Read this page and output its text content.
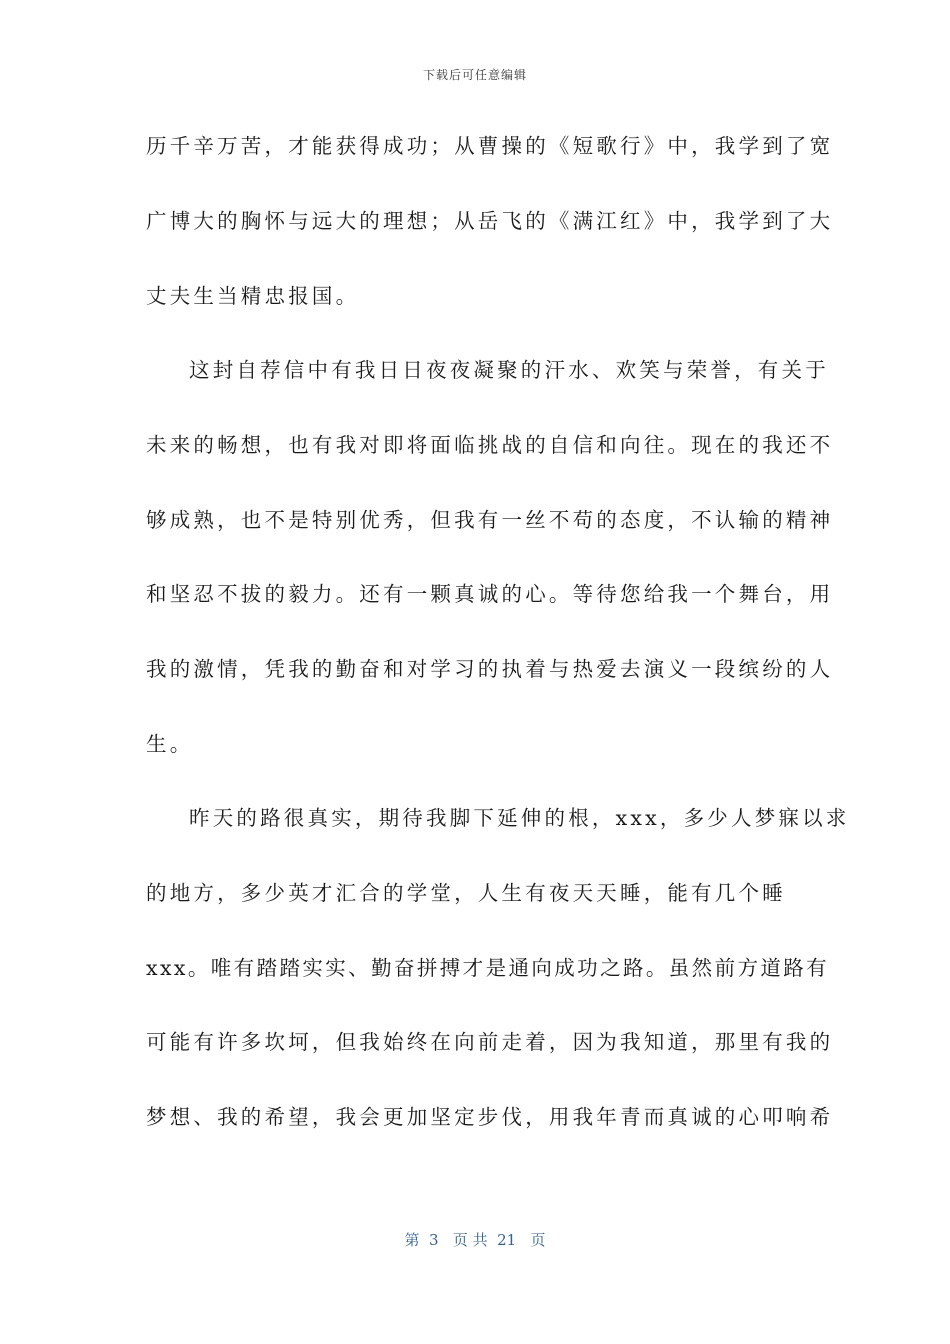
下载后可任意编辑
历千辛万苦，才能获得成功；从曹操的《短歌行》中，我学到了宽
广博大的胸怀与远大的理想；从岳飞的《满江红》中，我学到了大
丈夫生当精忠报国。
这封自荐信中有我日日夜夜凝聚的汗水、欢笑与荣誉，有关于
未来的畅想，也有我对即将面临挑战的自信和向往。现在的我还不
够成熟，也不是特别优秀，但我有一丝不苟的态度，不认输的精神
和坚忍不拔的毅力。还有一颗真诚的心。等待您给我一个舞台，用
我的激情，凭我的勤奋和对学习的执着与热爱去演义一段缤纷的人
生。
昨天的路很真实，期待我脚下延伸的根，xxx，多少人梦寐以求
的地方，多少英才汇合的学堂，人生有夜天天睡，能有几个睡
xxx。唯有踏踏实实、勤奋拼搏才是通向成功之路。虽然前方道路有
可能有许多坎坷，但我始终在向前走着，因为我知道，那里有我的
梦想、我的希望，我会更加坚定步伐，用我年青而真诚的心叩响希
第  3   页 共  21   页
